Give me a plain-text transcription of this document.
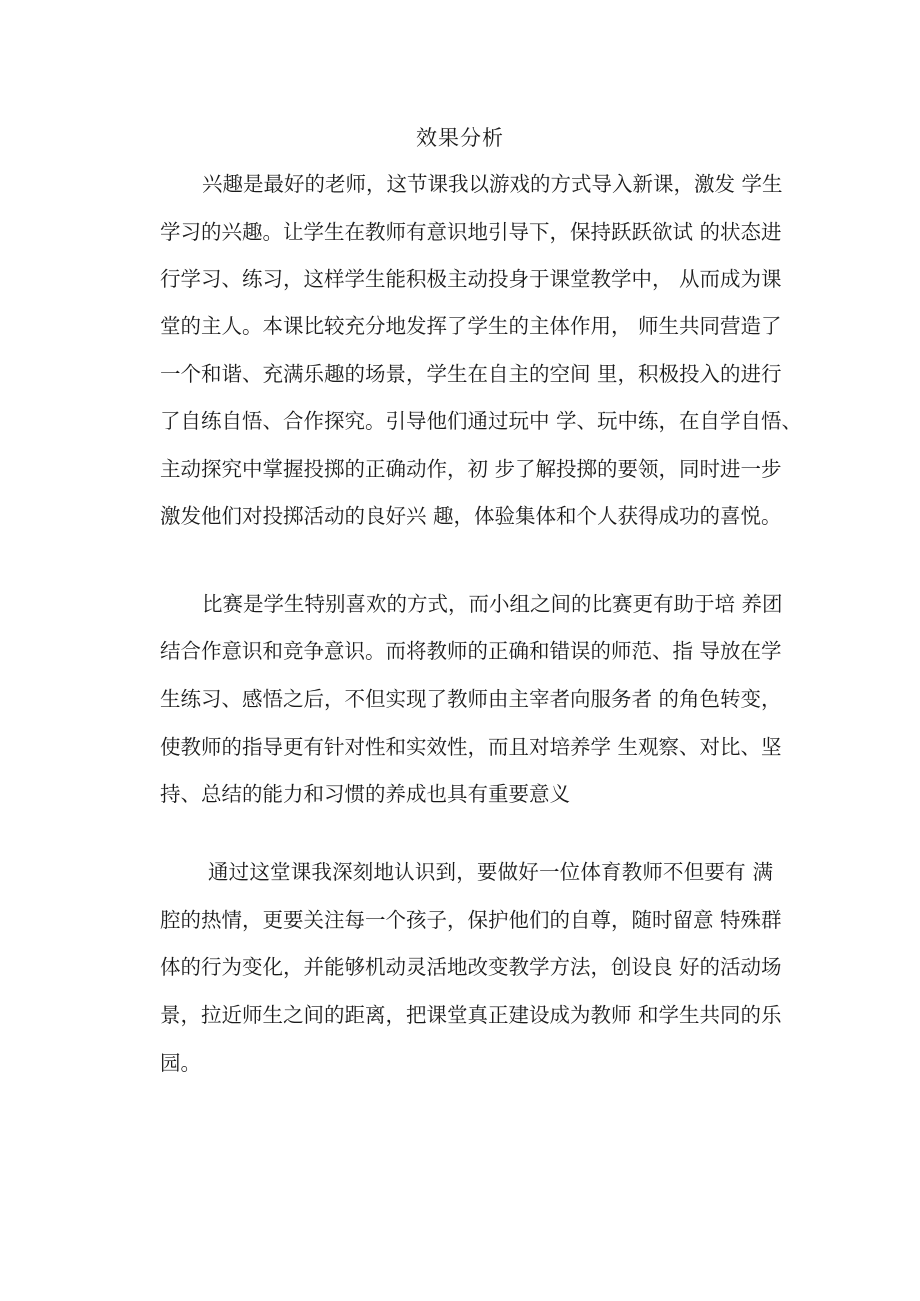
效果分析
兴趣是最好的老师，这节课我以游戏的方式导入新课，激发 学生
学习的兴趣。让学生在教师有意识地引导下，保持跃跃欲试 的状态进
行学习、练习，这样学生能积极主动投身于课堂教学中， 从而成为课
堂的主人。本课比较充分地发挥了学生的主体作用， 师生共同营造了
一个和谐、充满乐趣的场景，学生在自主的空间 里，积极投入的进行
了自练自悟、合作探究。引导他们通过玩中 学、玩中练，在自学自悟、
主动探究中掌握投掷的正确动作，初 步了解投掷的要领，同时进一步
激发他们对投掷活动的良好兴 趣，体验集体和个人获得成功的喜悦。
比赛是学生特别喜欢的方式，而小组之间的比赛更有助于培 养团
结合作意识和竞争意识。而将教师的正确和错误的师范、指 导放在学
生练习、感悟之后，不但实现了教师由主宰者向服务者 的角色转变，
使教师的指导更有针对性和实效性，而且对培养学 生观察、对比、坚
持、总结的能力和习惯的养成也具有重要意义
通过这堂课我深刻地认识到，要做好一位体育教师不但要有 满
腔的热情，更要关注每一个孩子，保护他们的自尊，随时留意 特殊群
体的行为变化，并能够机动灵活地改变教学方法，创设良 好的活动场
景，拉近师生之间的距离，把课堂真正建设成为教师 和学生共同的乐
园。
